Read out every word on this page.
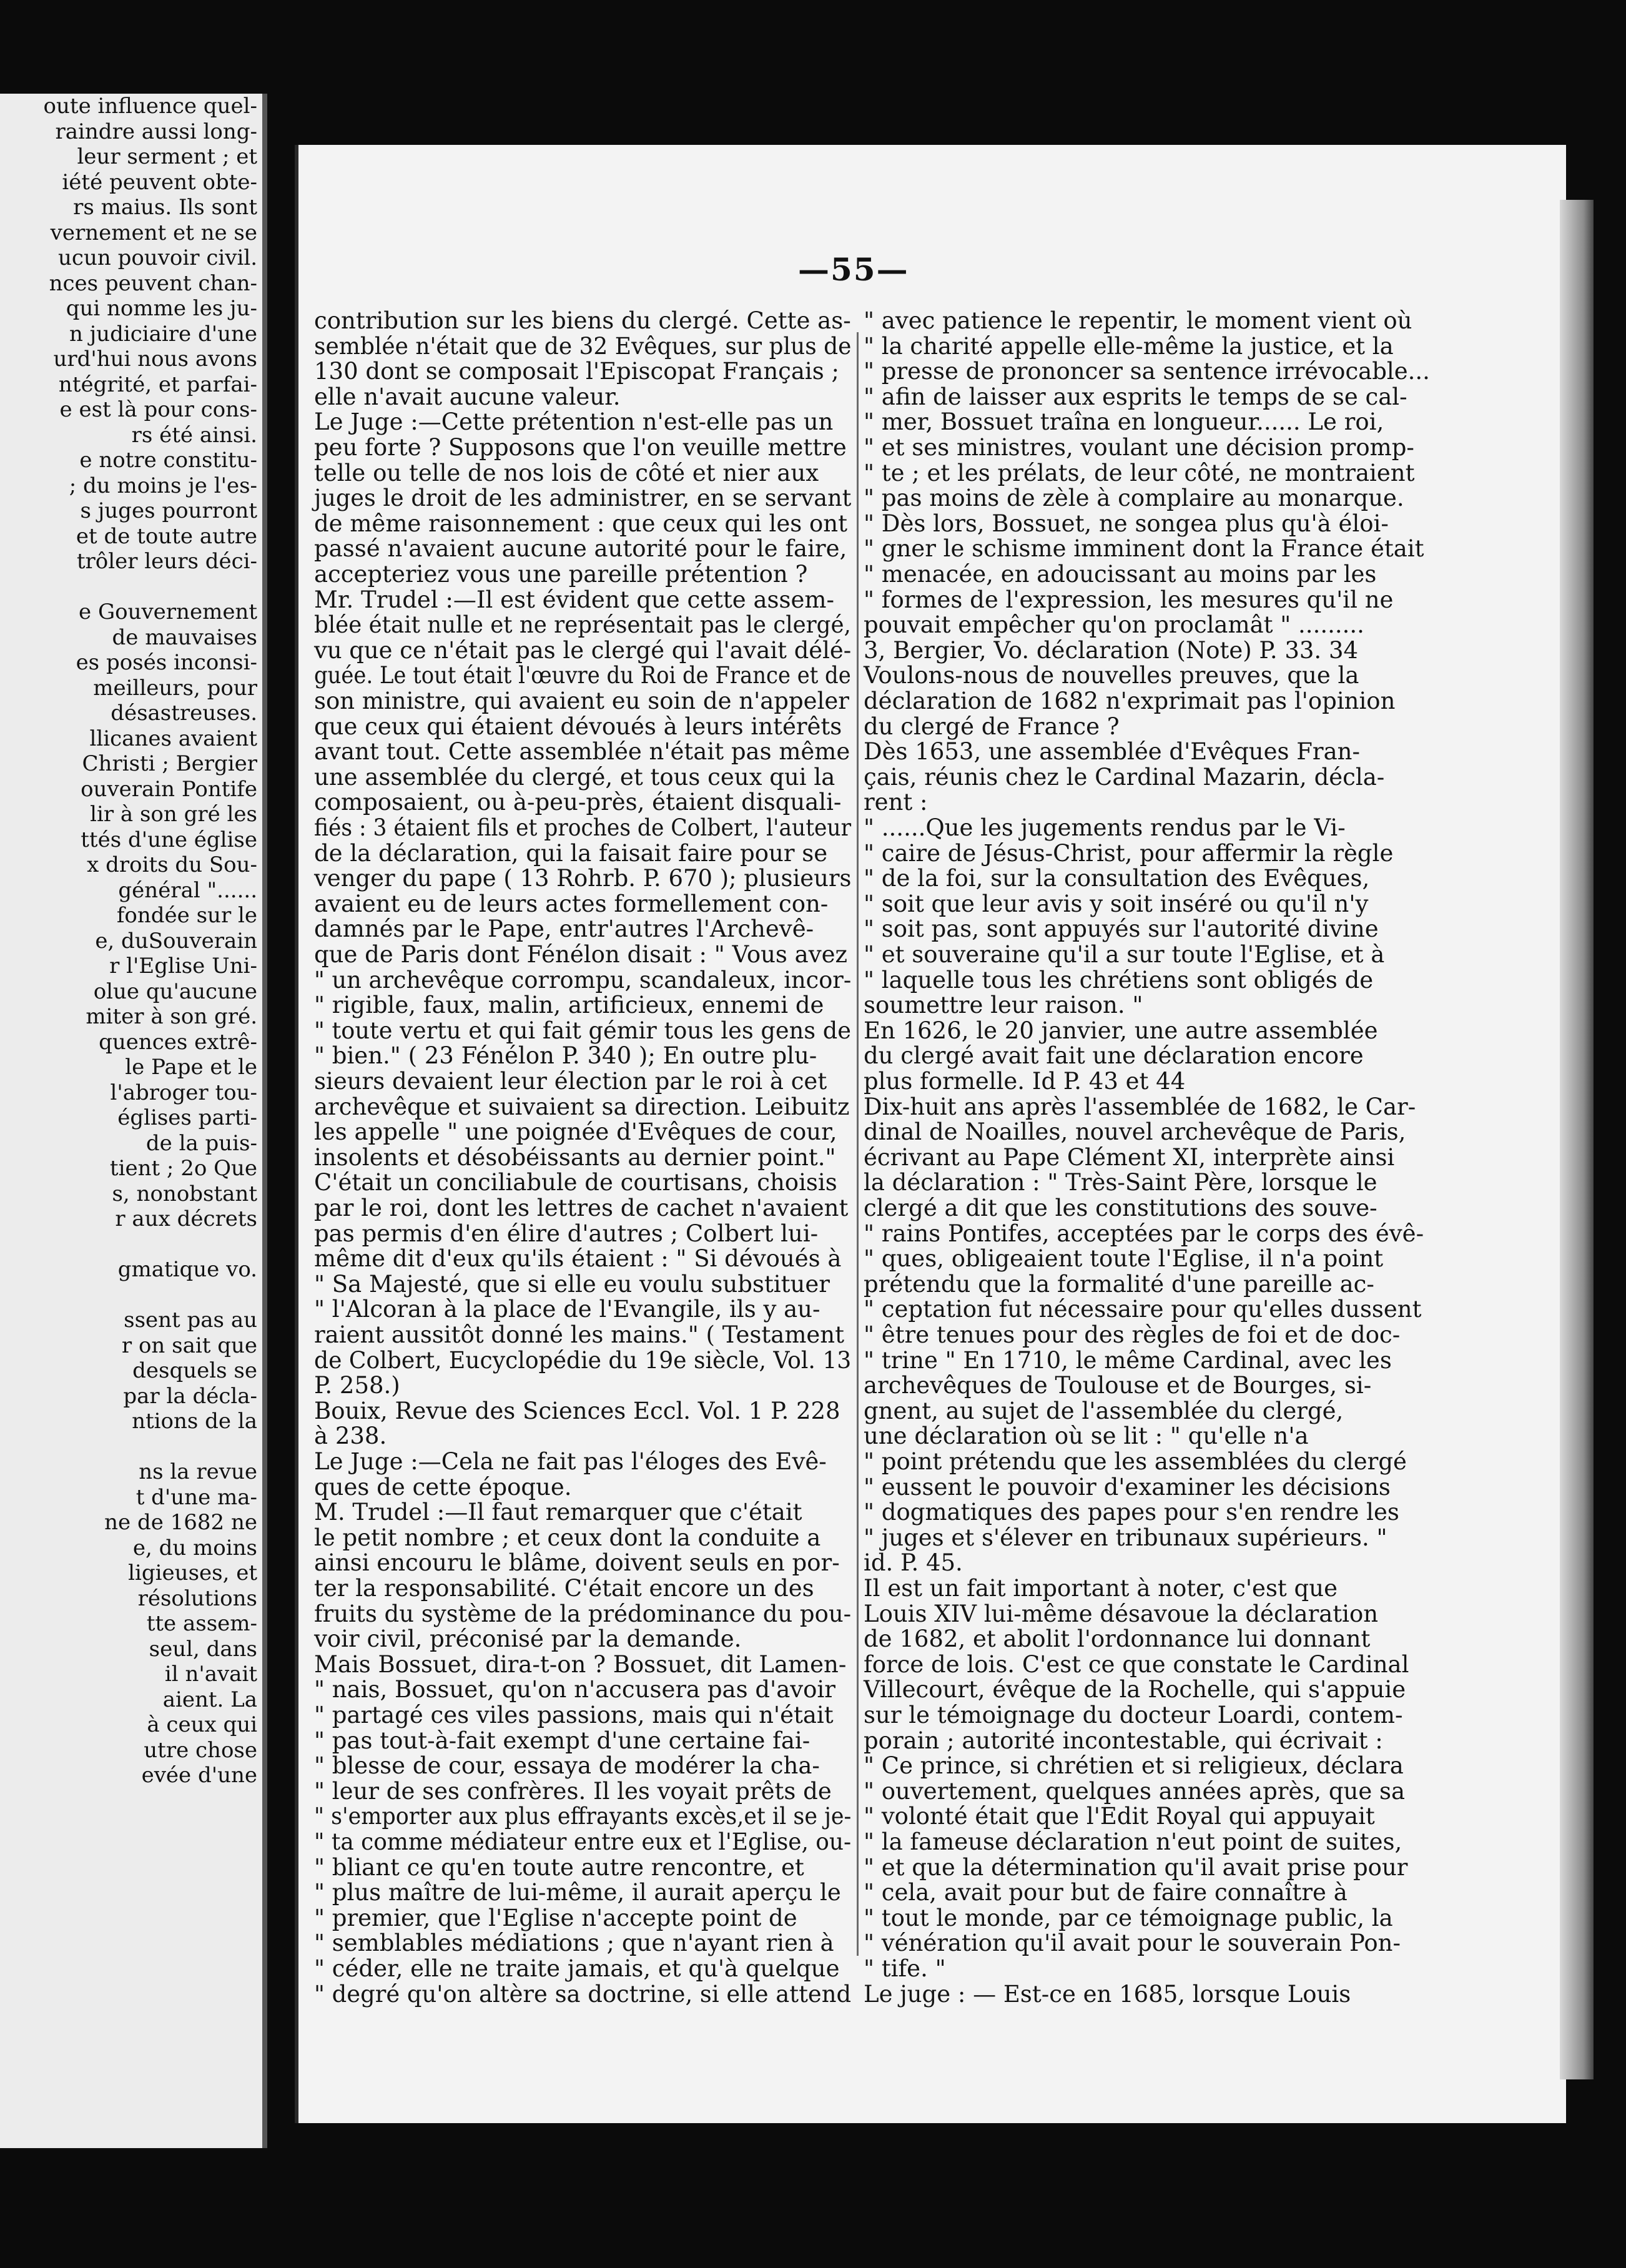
oute influence quel-
raindre aussi long-
leur serment ; et
iété peuvent obte-
rs maius. Ils sont
vernement et ne se
ucun pouvoir civil.
nces peuvent chan-
qui nomme les ju-
n judiciaire d'une
urd'hui nous avons
ntégrité, et parfai-
e est là pour cons-
rs été ainsi.
e notre constitu-
; du moins je l'es-
s juges pourront
et de toute autre
trôler leurs déci-
e Gouvernement
de mauvaises
es posés inconsi-
meilleurs, pour
désastreuses.
llicanes avaient
Christi ; Bergier
ouverain Pontife
lir à son gré les
ttés d'une église
x droits du Sou-
général "......
fondée sur le
e, duSouverain
r l'Eglise Uni-
olue qu'aucune
miter à son gré.
quences extrê-
le Pape et le
l'abroger tou-
églises parti-
de la puis-
tient ; 2o Que
s, nonobstant
r aux décrets
gmatique vo.
ssent pas au
r on sait que
desquels se
par la décla-
ntions de la
ns la revue
t d'une ma-
ne de 1682 ne
e, du moins
ligieuses, et
résolutions
tte assem-
seul, dans
il n'avait
aient. La
à ceux qui
utre chose
evée d'une
—55—
contribution sur les biens du clergé. Cette as-
semblée n'était que de 32 Evêques, sur plus de
130 dont se composait l'Episcopat Français ;
elle n'avait aucune valeur.
Le Juge :—Cette prétention n'est-elle pas un
peu forte ? Supposons que l'on veuille mettre
telle ou telle de nos lois de côté et nier aux
juges le droit de les administrer, en se servant
de même raisonnement : que ceux qui les ont
passé n'avaient aucune autorité pour le faire,
accepteriez vous une pareille prétention ?
Mr. Trudel :—Il est évident que cette assem-
blée était nulle et ne représentait pas le clergé,
vu que ce n'était pas le clergé qui l'avait délé-
guée. Le tout était l'œuvre du Roi de France et de
son ministre, qui avaient eu soin de n'appeler
que ceux qui étaient dévoués à leurs intérêts
avant tout. Cette assemblée n'était pas même
une assemblée du clergé, et tous ceux qui la
composaient, ou à-peu-près, étaient disquali-
fiés : 3 étaient fils et proches de Colbert, l'auteur
de la déclaration, qui la faisait faire pour se
venger du pape ( 13 Rohrb. P. 670 ); plusieurs
avaient eu de leurs actes formellement con-
damnés par le Pape, entr'autres l'Archevê-
que de Paris dont Fénélon disait : " Vous avez
" un archevêque corrompu, scandaleux, incor-
" rigible, faux, malin, artificieux, ennemi de
" toute vertu et qui fait gémir tous les gens de
" bien." ( 23 Fénélon P. 340 ); En outre plu-
sieurs devaient leur élection par le roi à cet
archevêque et suivaient sa direction. Leibuitz
les appelle " une poignée d'Evêques de cour,
insolents et désobéissants au dernier point."
C'était un conciliabule de courtisans, choisis
par le roi, dont les lettres de cachet n'avaient
pas permis d'en élire d'autres ; Colbert lui-
même dit d'eux qu'ils étaient : " Si dévoués à
" Sa Majesté, que si elle eu voulu substituer
" l'Alcoran à la place de l'Evangile, ils y au-
raient aussitôt donné les mains." ( Testament
de Colbert, Eucyclopédie du 19e siècle, Vol. 13
P. 258.)
Bouix, Revue des Sciences Eccl. Vol. 1 P. 228
à 238.
Le Juge :—Cela ne fait pas l'éloges des Evê-
ques de cette époque.
M. Trudel :—Il faut remarquer que c'était
le petit nombre ; et ceux dont la conduite a
ainsi encouru le blâme, doivent seuls en por-
ter la responsabilité. C'était encore un des
fruits du système de la prédominance du pou-
voir civil, préconisé par la demande.
Mais Bossuet, dira-t-on ? Bossuet, dit Lamen-
" nais, Bossuet, qu'on n'accusera pas d'avoir
" partagé ces viles passions, mais qui n'était
" pas tout-à-fait exempt d'une certaine fai-
" blesse de cour, essaya de modérer la cha-
" leur de ses confrères. Il les voyait prêts de
" s'emporter aux plus effrayants excès,et il se je-
" ta comme médiateur entre eux et l'Eglise, ou-
" bliant ce qu'en toute autre rencontre, et
" plus maître de lui-même, il aurait aperçu le
" premier, que l'Eglise n'accepte point de
" semblables médiations ; que n'ayant rien à
" céder, elle ne traite jamais, et qu'à quelque
" degré qu'on altère sa doctrine, si elle attend
" avec patience le repentir, le moment vient où
" la charité appelle elle-même la justice, et la
" presse de prononcer sa sentence irrévocable...
" afin de laisser aux esprits le temps de se cal-
" mer, Bossuet traîna en longueur...... Le roi,
" et ses ministres, voulant une décision promp-
" te ; et les prélats, de leur côté, ne montraient
" pas moins de zèle à complaire au monarque.
" Dès lors, Bossuet, ne songea plus qu'à éloi-
" gner le schisme imminent dont la France était
" menacée, en adoucissant au moins par les
" formes de l'expression, les mesures qu'il ne
pouvait empêcher qu'on proclamât " .........
3, Bergier, Vo. déclaration (Note) P. 33. 34
Voulons-nous de nouvelles preuves, que la
déclaration de 1682 n'exprimait pas l'opinion
du clergé de France ?
Dès 1653, une assemblée d'Evêques Fran-
çais, réunis chez le Cardinal Mazarin, décla-
rent :
" ......Que les jugements rendus par le Vi-
" caire de Jésus-Christ, pour affermir la règle
" de la foi, sur la consultation des Evêques,
" soit que leur avis y soit inséré ou qu'il n'y
" soit pas, sont appuyés sur l'autorité divine
" et souveraine qu'il a sur toute l'Eglise, et à
" laquelle tous les chrétiens sont obligés de
soumettre leur raison. "
En 1626, le 20 janvier, une autre assemblée
du clergé avait fait une déclaration encore
plus formelle. Id P. 43 et 44
Dix-huit ans après l'assemblée de 1682, le Car-
dinal de Noailles, nouvel archevêque de Paris,
écrivant au Pape Clément XI, interprète ainsi
la déclaration : " Très-Saint Père, lorsque le
clergé a dit que les constitutions des souve-
" rains Pontifes, acceptées par le corps des évê-
" ques, obligeaient toute l'Eglise, il n'a point
prétendu que la formalité d'une pareille ac-
" ceptation fut nécessaire pour qu'elles dussent
" être tenues pour des règles de foi et de doc-
" trine " En 1710, le même Cardinal, avec les
archevêques de Toulouse et de Bourges, si-
gnent, au sujet de l'assemblée du clergé,
une déclaration où se lit : " qu'elle n'a
" point prétendu que les assemblées du clergé
" eussent le pouvoir d'examiner les décisions
" dogmatiques des papes pour s'en rendre les
" juges et s'élever en tribunaux supérieurs. "
id. P. 45.
Il est un fait important à noter, c'est que
Louis XIV lui-même désavoue la déclaration
de 1682, et abolit l'ordonnance lui donnant
force de lois. C'est ce que constate le Cardinal
Villecourt, évêque de la Rochelle, qui s'appuie
sur le témoignage du docteur Loardi, contem-
porain ; autorité incontestable, qui écrivait :
" Ce prince, si chrétien et si religieux, déclara
" ouvertement, quelques années après, que sa
" volonté était que l'Edit Royal qui appuyait
" la fameuse déclaration n'eut point de suites,
" et que la détermination qu'il avait prise pour
" cela, avait pour but de faire connaître à
" tout le monde, par ce témoignage public, la
" vénération qu'il avait pour le souverain Pon-
" tife. "
Le juge : — Est-ce en 1685, lorsque Louis
